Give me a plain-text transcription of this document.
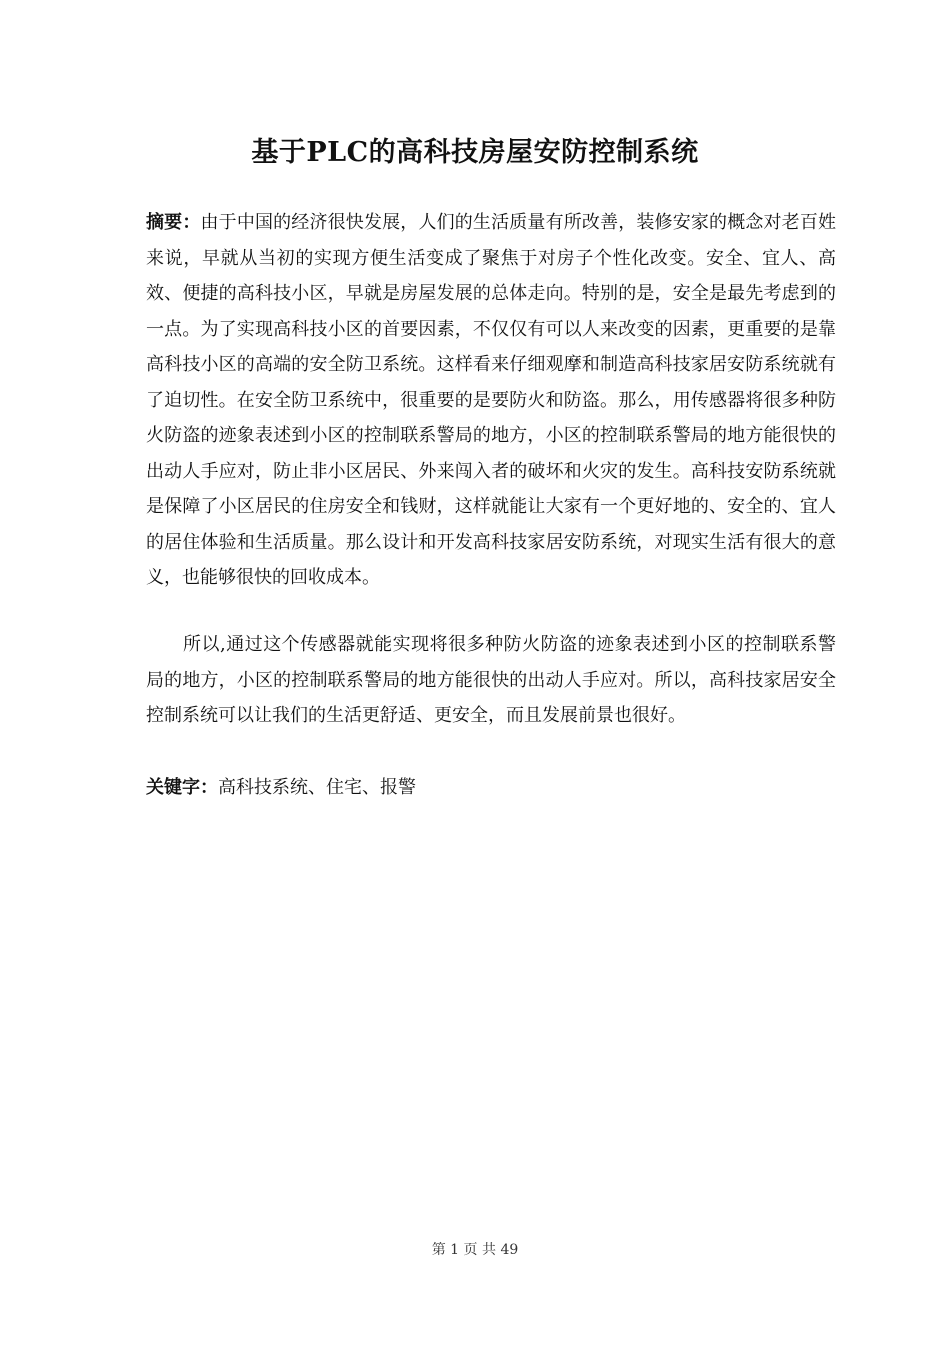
基于PLC的高科技房屋安防控制系统

摘要：由于中国的经济很快发展，人们的生活质量有所改善，装修安家的概念对老百姓来说，早就从当初的实现方便生活变成了聚焦于对房子个性化改变。安全、宜人、高效、便捷的高科技小区，早就是房屋发展的总体走向。特别的是，安全是最先考虑到的一点。为了实现高科技小区的首要因素，不仅仅有可以人来改变的因素，更重要的是靠高科技小区的高端的安全防卫系统。这样看来仔细观摩和制造高科技家居安防系统就有了迫切性。在安全防卫系统中，很重要的是要防火和防盗。那么，用传感器将很多种防火防盗的迹象表述到小区的控制联系警局的地方，小区的控制联系警局的地方能很快的出动人手应对，防止非小区居民、外来闯入者的破坏和火灾的发生。高科技安防系统就是保障了小区居民的住房安全和钱财，这样就能让大家有一个更好地的、安全的、宜人的居住体验和生活质量。那么设计和开发高科技家居安防系统，对现实生活有很大的意义，也能够很快的回收成本。

所以,通过这个传感器就能实现将很多种防火防盗的迹象表述到小区的控制联系警局的地方，小区的控制联系警局的地方能很快的出动人手应对。所以，高科技家居安全控制系统可以让我们的生活更舒适、更安全，而且发展前景也很好。

关键字：高科技系统、住宅、报警

第 1 页 共 49
